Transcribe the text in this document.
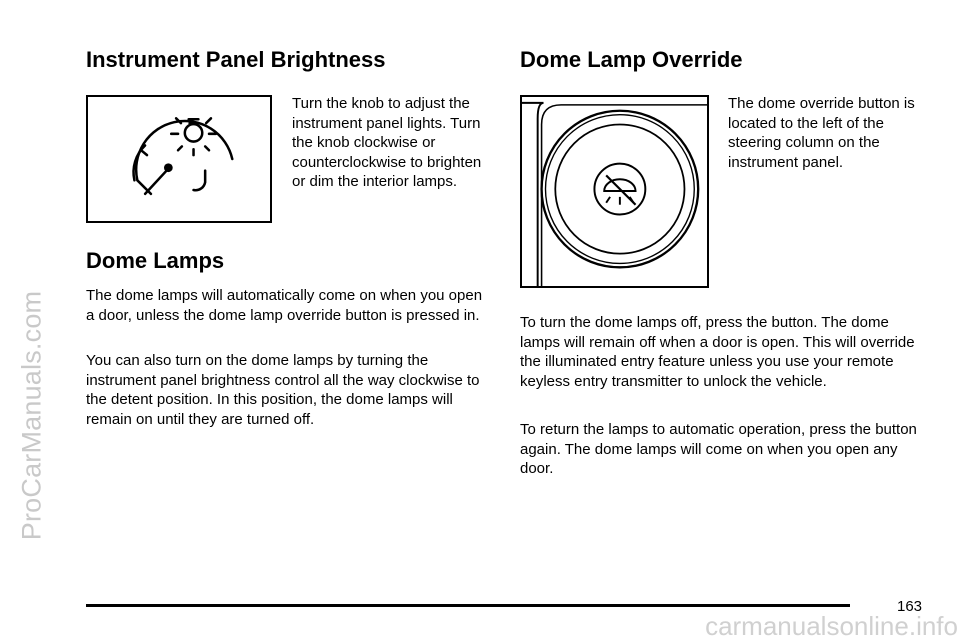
ProCarManuals.com
Instrument Panel Brightness

Turn the knob to adjust the instrument panel lights. Turn the knob clockwise or counterclockwise to brighten or dim the interior lamps.

Dome Lamps

The dome lamps will automatically come on when you open a door, unless the dome lamp override button is pressed in.

You can also turn on the dome lamps by turning the instrument panel brightness control all the way clockwise to the detent position. In this position, the dome lamps will remain on until they are turned off.

Dome Lamp Override

The dome override button is located to the left of the steering column on the instrument panel.

To turn the dome lamps off, press the button. The dome lamps will remain off when a door is open. This will override the illuminated entry feature unless you use your remote keyless entry transmitter to unlock the vehicle.

To return the lamps to automatic operation, press the button again. The dome lamps will come on when you open any door.

163
carmanualsonline.info
